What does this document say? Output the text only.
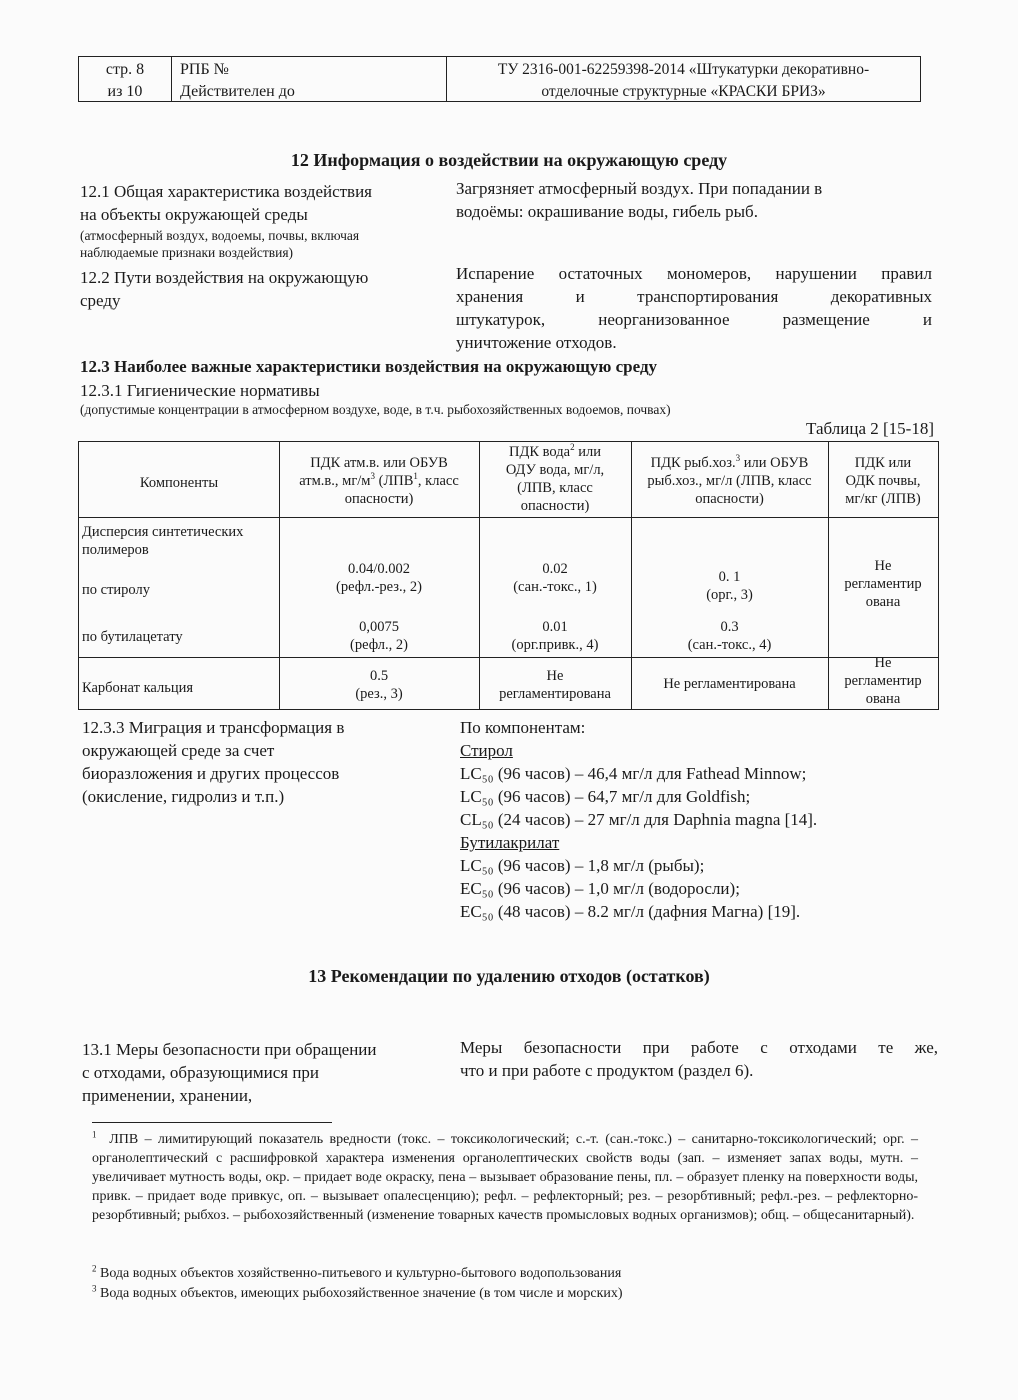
стр. 8
из 10
РПБ №
Действителен до
ТУ 2316-001-62259398-2014 «Штукатурки декоративно-
отделочные структурные «КРАСКИ БРИЗ»
12 Информация о воздействии на окружающую среду
12.1 Общая характеристика воздействия
на объекты окружающей среды
(атмосферный воздух, водоемы, почвы, включая
наблюдаемые признаки воздействия)
Загрязняет атмосферный воздух. При попадании в
водоёмы: окрашивание воды, гибель рыб.
12.2 Пути воздействия на окружающую
среду
Испарение остаточных мономеров, нарушении правил
хранения и транспортирования декоративных
штукатурок, неорганизованное размещение и
уничтожение отходов.
12.3 Наиболее важные характеристики воздействия на окружающую среду
12.3.1 Гигиенические нормативы
(допустимые концентрации в атмосферном воздухе, воде, в т.ч. рыбохозяйственных водоемов, почвах)
Таблица 2 [15-18]
Компоненты
ПДК атм.в. или ОБУВ
атм.в., $мг/м^3$ (ЛПВ$^1$, класс
опасности)
ПДК вода$^2$ или
ОДУ вода, мг/л,
(ЛПВ, класс
опасности)
ПДК рыб.хоз.$^3$ или ОБУВ
рыб.хоз., мг/л (ЛПВ, класс
опасности)
ПДК или
ОДК почвы,
мг/кг (ЛПВ)
Дисперсия синтетических
полимеров
по стиролу
по бутилацетату
0.04/0.002
(рефл.-рез., 2)
0.02
(сан.-токс., 1)
0. 1
(орг., 3)
Не
регламентир
ована
0,0075
(рефл., 2)
0.01
(орг.привк., 4)
0.3
(сан.-токс., 4)
Карбонат кальция
0.5
(рез., 3)
Не
регламентирована
Не регламентирована
Не
регламентир
ована
12.3.3 Миграция и трансформация в
окружающей среде за счет
биоразложения и других процессов
(окисление, гидролиз и т.п.)
По компонентам:
Стирол
LC₅₀ (96 часов) – 46,4 мг/л для Fathead Minnow;
LC₅₀ (96 часов) – 64,7 мг/л для Goldfish;
CL₅₀ (24 часов) – 27 мг/л для Daphnia magna [14].
Бутилакрилат
LC₅₀ (96 часов) – 1,8 мг/л (рыбы);
EC₅₀ (96 часов) – 1,0 мг/л (водоросли);
EC₅₀ (48 часов) – 8.2 мг/л (дафния Магна) [19].
13 Рекомендации по удалению отходов (остатков)
13.1 Меры безопасности при обращении
с отходами, образующимися при
применении, хранении,
Меры безопасности при работе с отходами те же,
что и при работе с продуктом (раздел 6).
$^1$ ЛПВ – лимитирующий показатель вредности (токс. – токсикологический; с.-т. (сан.-токс.) – санитарно-токсикологический; орг. – органолептический с расшифровкой характера изменения органолептических свойств воды (зап. – изменяет запах воды, мутн. – увеличивает мутность воды, окр. – придает воде окраску, пена – вызывает образование пены, пл. – образует пленку на поверхности воды, привк. – придает воде привкус, оп. – вызывает опалесценцию); рефл. – рефлекторный; рез. – резорбтивный; рефл.-рез. – рефлекторно-резорбтивный; рыбхоз. – рыбохозяйственный (изменение товарных качеств промысловых водных организмов); общ. – общесанитарный).
$^2$ Вода водных объектов хозяйственно-питьевого и культурно-бытового водопользования
$^3$ Вода водных объектов, имеющих рыбохозяйственное значение (в том числе и морских)
